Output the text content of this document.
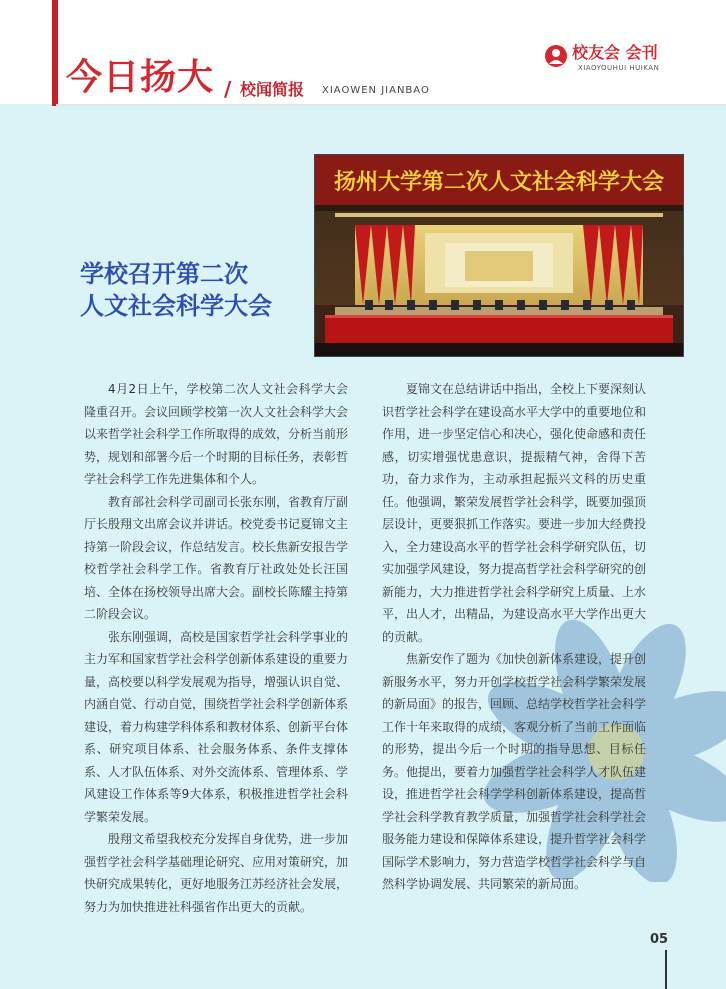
今日扬大 / 校闻简报 XIAOWEN JIANBAO
校友会 会刊
XIAOYOUHUI HUIKAN
学校召开第二次
人文社会科学大会
扬州大学第二次人文社会科学大会

4月2日上午，学校第二次人文社会科学大会隆重召开。会议回顾学校第一次人文社会科学大会以来哲学社会科学工作所取得的成效，分析当前形势，规划和部署今后一个时期的目标任务，表彰哲学社会科学工作先进集体和个人。

教育部社会科学司副司长张东刚，省教育厅副厅长殷翔文出席会议并讲话。校党委书记夏锦文主持第一阶段会议，作总结发言。校长焦新安报告学校哲学社会科学工作。省教育厅社政处处长汪国培、全体在扬校领导出席大会。副校长陈耀主持第二阶段会议。

张东刚强调，高校是国家哲学社会科学事业的主力军和国家哲学社会科学创新体系建设的重要力量，高校要以科学发展观为指导，增强认识自觉、内涵自觉、行动自觉，围绕哲学社会科学创新体系建设，着力构建学科体系和教材体系、创新平台体系、研究项目体系、社会服务体系、条件支撑体系、人才队伍体系、对外交流体系、管理体系、学风建设工作体系等9大体系，积极推进哲学社会科学繁荣发展。

殷翔文希望我校充分发挥自身优势，进一步加强哲学社会科学基础理论研究、应用对策研究，加快研究成果转化，更好地服务江苏经济社会发展，努力为加快推进社科强省作出更大的贡献。

夏锦文在总结讲话中指出，全校上下要深刻认识哲学社会科学在建设高水平大学中的重要地位和作用，进一步坚定信心和决心，强化使命感和责任感，切实增强忧患意识，提振精气神，舍得下苦功，奋力求作为，主动承担起振兴文科的历史重任。他强调，繁荣发展哲学社会科学，既要加强顶层设计，更要狠抓工作落实。要进一步加大经费投入，全力建设高水平的哲学社会科学研究队伍，切实加强学风建设，努力提高哲学社会科学研究的创新能力，大力推进哲学社会科学研究上质量、上水平，出人才，出精品，为建设高水平大学作出更大的贡献。

焦新安作了题为《加快创新体系建设，提升创新服务水平，努力开创学校哲学社会科学繁荣发展的新局面》的报告，回顾、总结学校哲学社会科学工作十年来取得的成绩，客观分析了当前工作面临的形势，提出今后一个时期的指导思想、目标任务。他提出，要着力加强哲学社会科学人才队伍建设，推进哲学社会科学学科创新体系建设，提高哲学社会科学教育教学质量，加强哲学社会科学社会服务能力建设和保障体系建设，提升哲学社会科学国际学术影响力，努力营造学校哲学社会科学与自然科学协调发展、共同繁荣的新局面。

05
